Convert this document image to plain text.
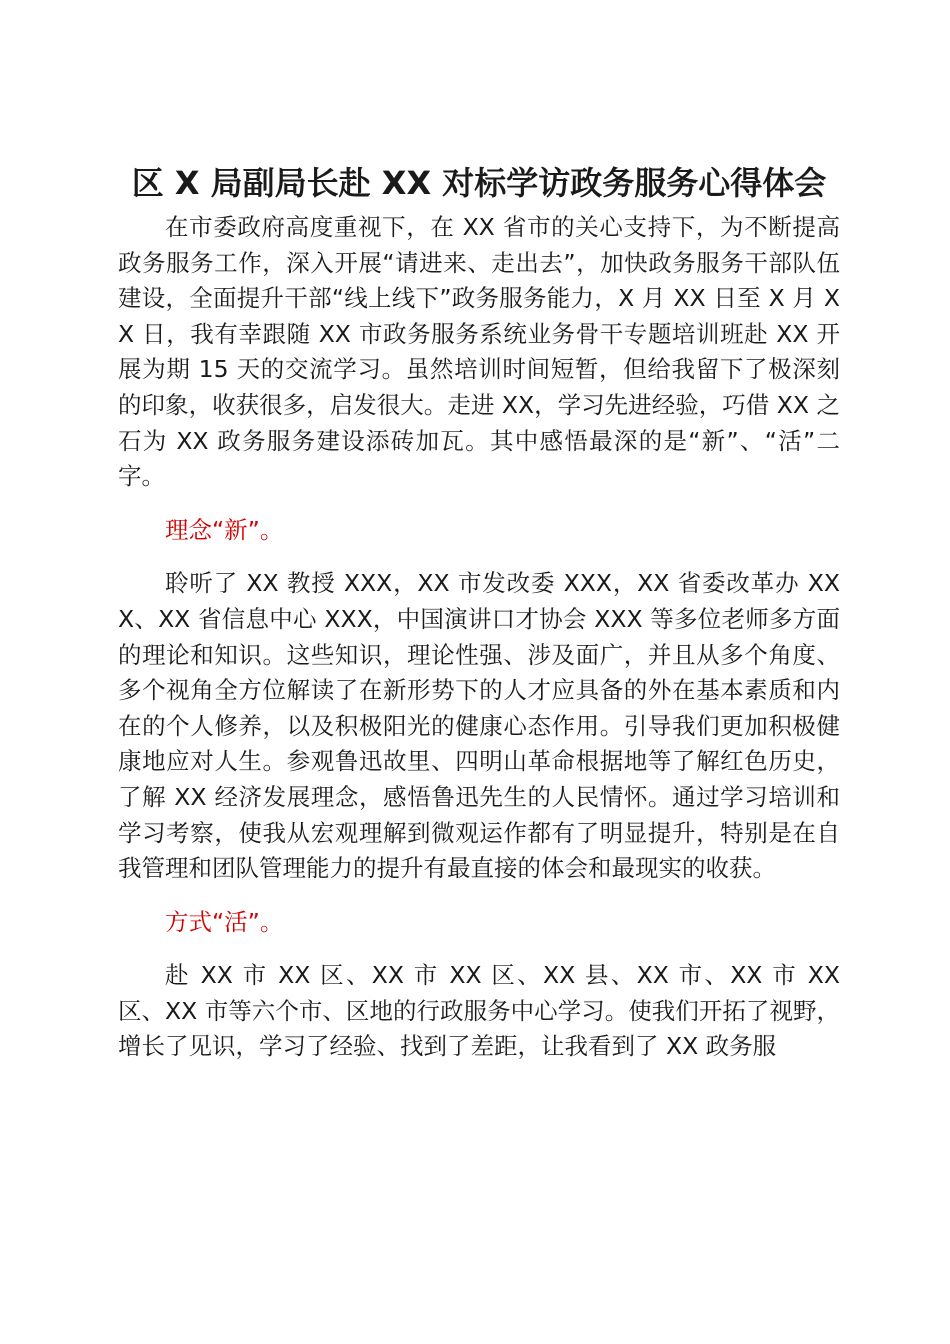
区 X 局副局长赴 XX 对标学访政务服务心得体会

在市委政府高度重视下，在 XX 省市的关心支持下，为不断提高政务服务工作，深入开展“请进来、走出去”，加快政务服务干部队伍建设，全面提升干部“线上线下”政务服务能力，X 月 XX 日至 X 月 XX 日，我有幸跟随 XX 市政务服务系统业务骨干专题培训班赴 XX 开展为期 15 天的交流学习。虽然培训时间短暂，但给我留下了极深刻的印象，收获很多，启发很大。走进 XX，学习先进经验，巧借 XX 之石为 XX 政务服务建设添砖加瓦。其中感悟最深的是“新”、“活”二字。

理念“新”。

聆听了 XX 教授 XXX，XX 市发改委 XXX，XX 省委改革办 XXX、XX 省信息中心 XXX，中国演讲口才协会 XXX 等多位老师多方面的理论和知识。这些知识，理论性强、涉及面广，并且从多个角度、多个视角全方位解读了在新形势下的人才应具备的外在基本素质和内在的个人修养，以及积极阳光的健康心态作用。引导我们更加积极健康地应对人生。参观鲁迅故里、四明山革命根据地等了解红色历史，了解 XX 经济发展理念，感悟鲁迅先生的人民情怀。通过学习培训和学习考察，使我从宏观理解到微观运作都有了明显提升，特别是在自我管理和团队管理能力的提升有最直接的体会和最现实的收获。

方式“活”。

赴 XX 市 XX 区、XX 市 XX 区、XX 县、XX 市、XX 市 XX 区、XX 市等六个市、区地的行政服务中心学习。使我们开拓了视野，增长了见识，学习了经验、找到了差距，让我看到了 XX 政务服
